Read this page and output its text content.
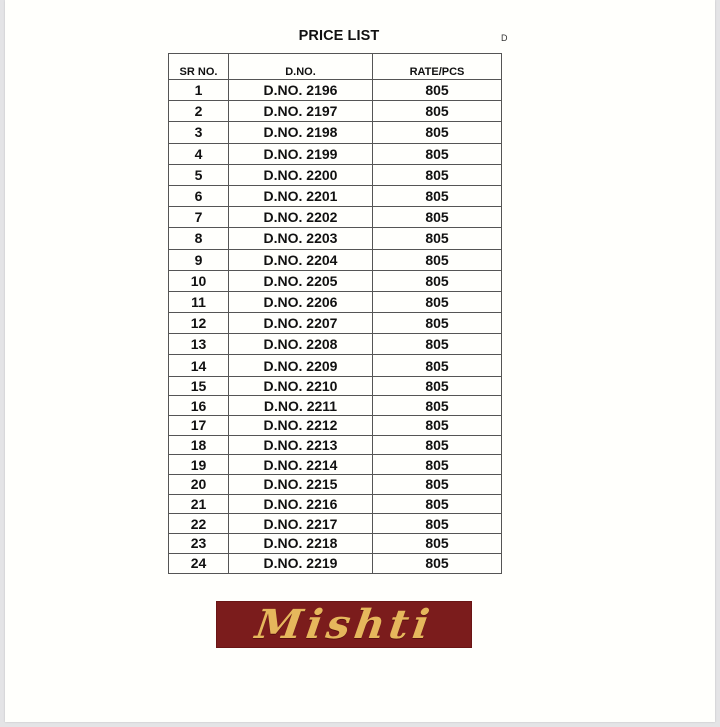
PRICE LIST	D
SR NO.	D.NO.	RATE/PCS
1	D.NO. 2196	805
2	D.NO. 2197	805
3	D.NO. 2198	805
4	D.NO. 2199	805
5	D.NO. 2200	805
6	D.NO. 2201	805
7	D.NO. 2202	805
8	D.NO. 2203	805
9	D.NO. 2204	805
10	D.NO. 2205	805
11	D.NO. 2206	805
12	D.NO. 2207	805
13	D.NO. 2208	805
14	D.NO. 2209	805
15	D.NO. 2210	805
16	D.NO. 2211	805
17	D.NO. 2212	805
18	D.NO. 2213	805
19	D.NO. 2214	805
20	D.NO. 2215	805
21	D.NO. 2216	805
22	D.NO. 2217	805
23	D.NO. 2218	805
24	D.NO. 2219	805
Mishti
